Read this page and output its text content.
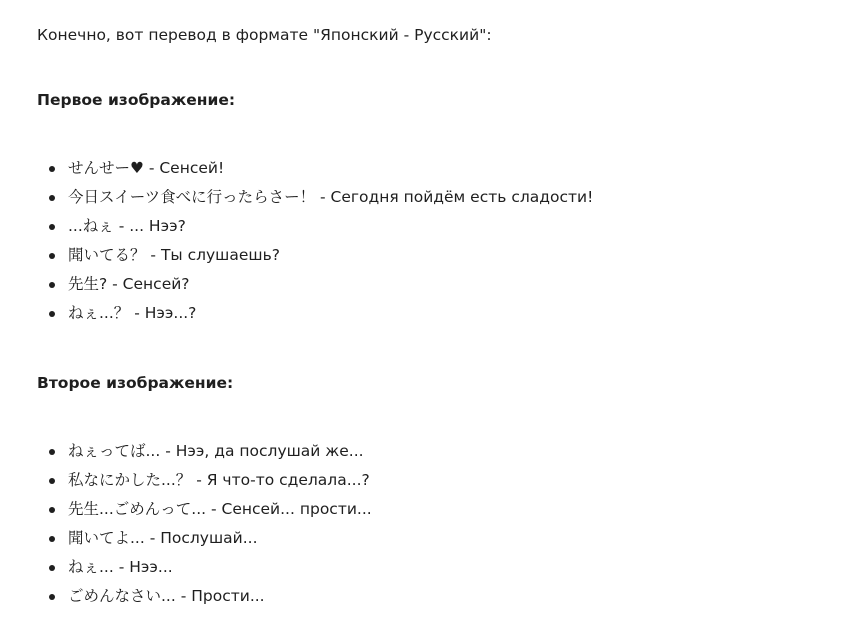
Конечно, вот перевод в формате "Японский - Русский":

Первое изображение:

せんせー♥ - Сенсей!
今日スイーツ食べに行ったらさー！ - Сегодня пойдём есть сладости!
...ねぇ - ... Нээ?
聞いてる？ - Ты слушаешь?
先生? - Сенсей?
ねぇ...？ - Нээ...?

Второе изображение:

ねぇってば... - Нээ, да послушай же...
私なにかした...？ - Я что-то сделала...?
先生...ごめんって... - Сенсей... прости...
聞いてよ... - Послушай...
ねぇ... - Нээ...
ごめんなさい... - Прости...
